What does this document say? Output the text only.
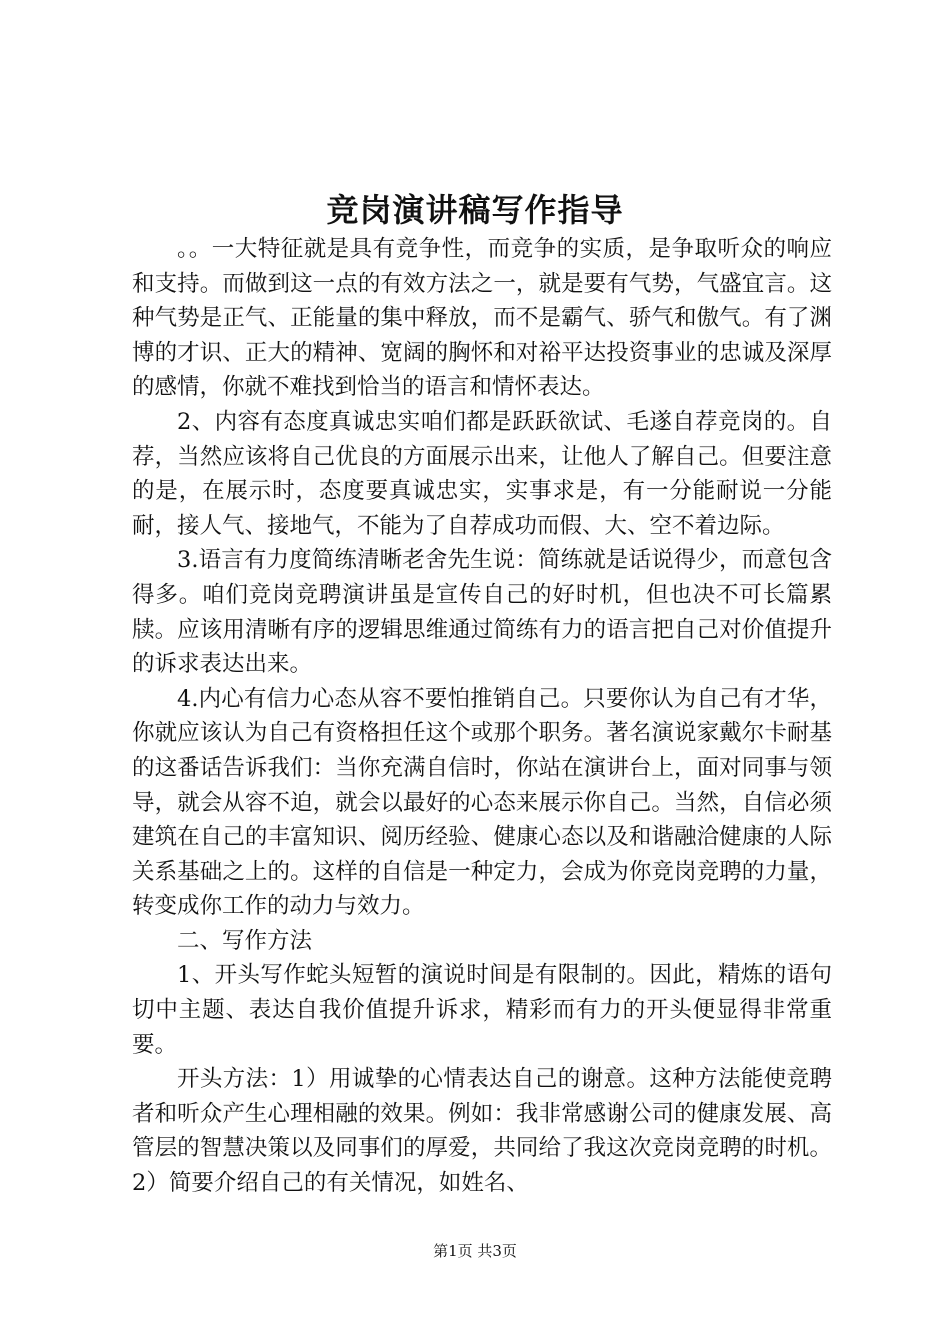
竞岗演讲稿写作指导

。。一大特征就是具有竞争性，而竞争的实质，是争取听众的响应和支持。而做到这一点的有效方法之一，就是要有气势，气盛宜言。这种气势是正气、正能量的集中释放，而不是霸气、骄气和傲气。有了渊博的才识、正大的精神、宽阔的胸怀和对裕平达投资事业的忠诚及深厚的感情，你就不难找到恰当的语言和情怀表达。

2、内容有态度真诚忠实咱们都是跃跃欲试、毛遂自荐竞岗的。自荐，当然应该将自己优良的方面展示出来，让他人了解自己。但要注意的是，在展示时，态度要真诚忠实，实事求是，有一分能耐说一分能耐，接人气、接地气，不能为了自荐成功而假、大、空不着边际。

3.语言有力度简练清晰老舍先生说：简练就是话说得少，而意包含得多。咱们竞岗竞聘演讲虽是宣传自己的好时机，但也决不可长篇累牍。应该用清晰有序的逻辑思维通过简练有力的语言把自己对价值提升的诉求表达出来。

4.内心有信力心态从容不要怕推销自己。只要你认为自己有才华，你就应该认为自己有资格担任这个或那个职务。著名演说家戴尔卡耐基的这番话告诉我们：当你充满自信时，你站在演讲台上，面对同事与领导，就会从容不迫，就会以最好的心态来展示你自己。当然，自信必须建筑在自己的丰富知识、阅历经验、健康心态以及和谐融洽健康的人际关系基础之上的。这样的自信是一种定力，会成为你竞岗竞聘的力量，转变成你工作的动力与效力。

二、写作方法

1、开头写作蛇头短暂的演说时间是有限制的。因此，精炼的语句切中主题、表达自我价值提升诉求，精彩而有力的开头便显得非常重要。

开头方法：1）用诚挚的心情表达自己的谢意。这种方法能使竞聘者和听众产生心理相融的效果。例如：我非常感谢公司的健康发展、高管层的智慧决策以及同事们的厚爱，共同给了我这次竞岗竞聘的时机。2）简要介绍自己的有关情况，如姓名、

第1页 共3页
